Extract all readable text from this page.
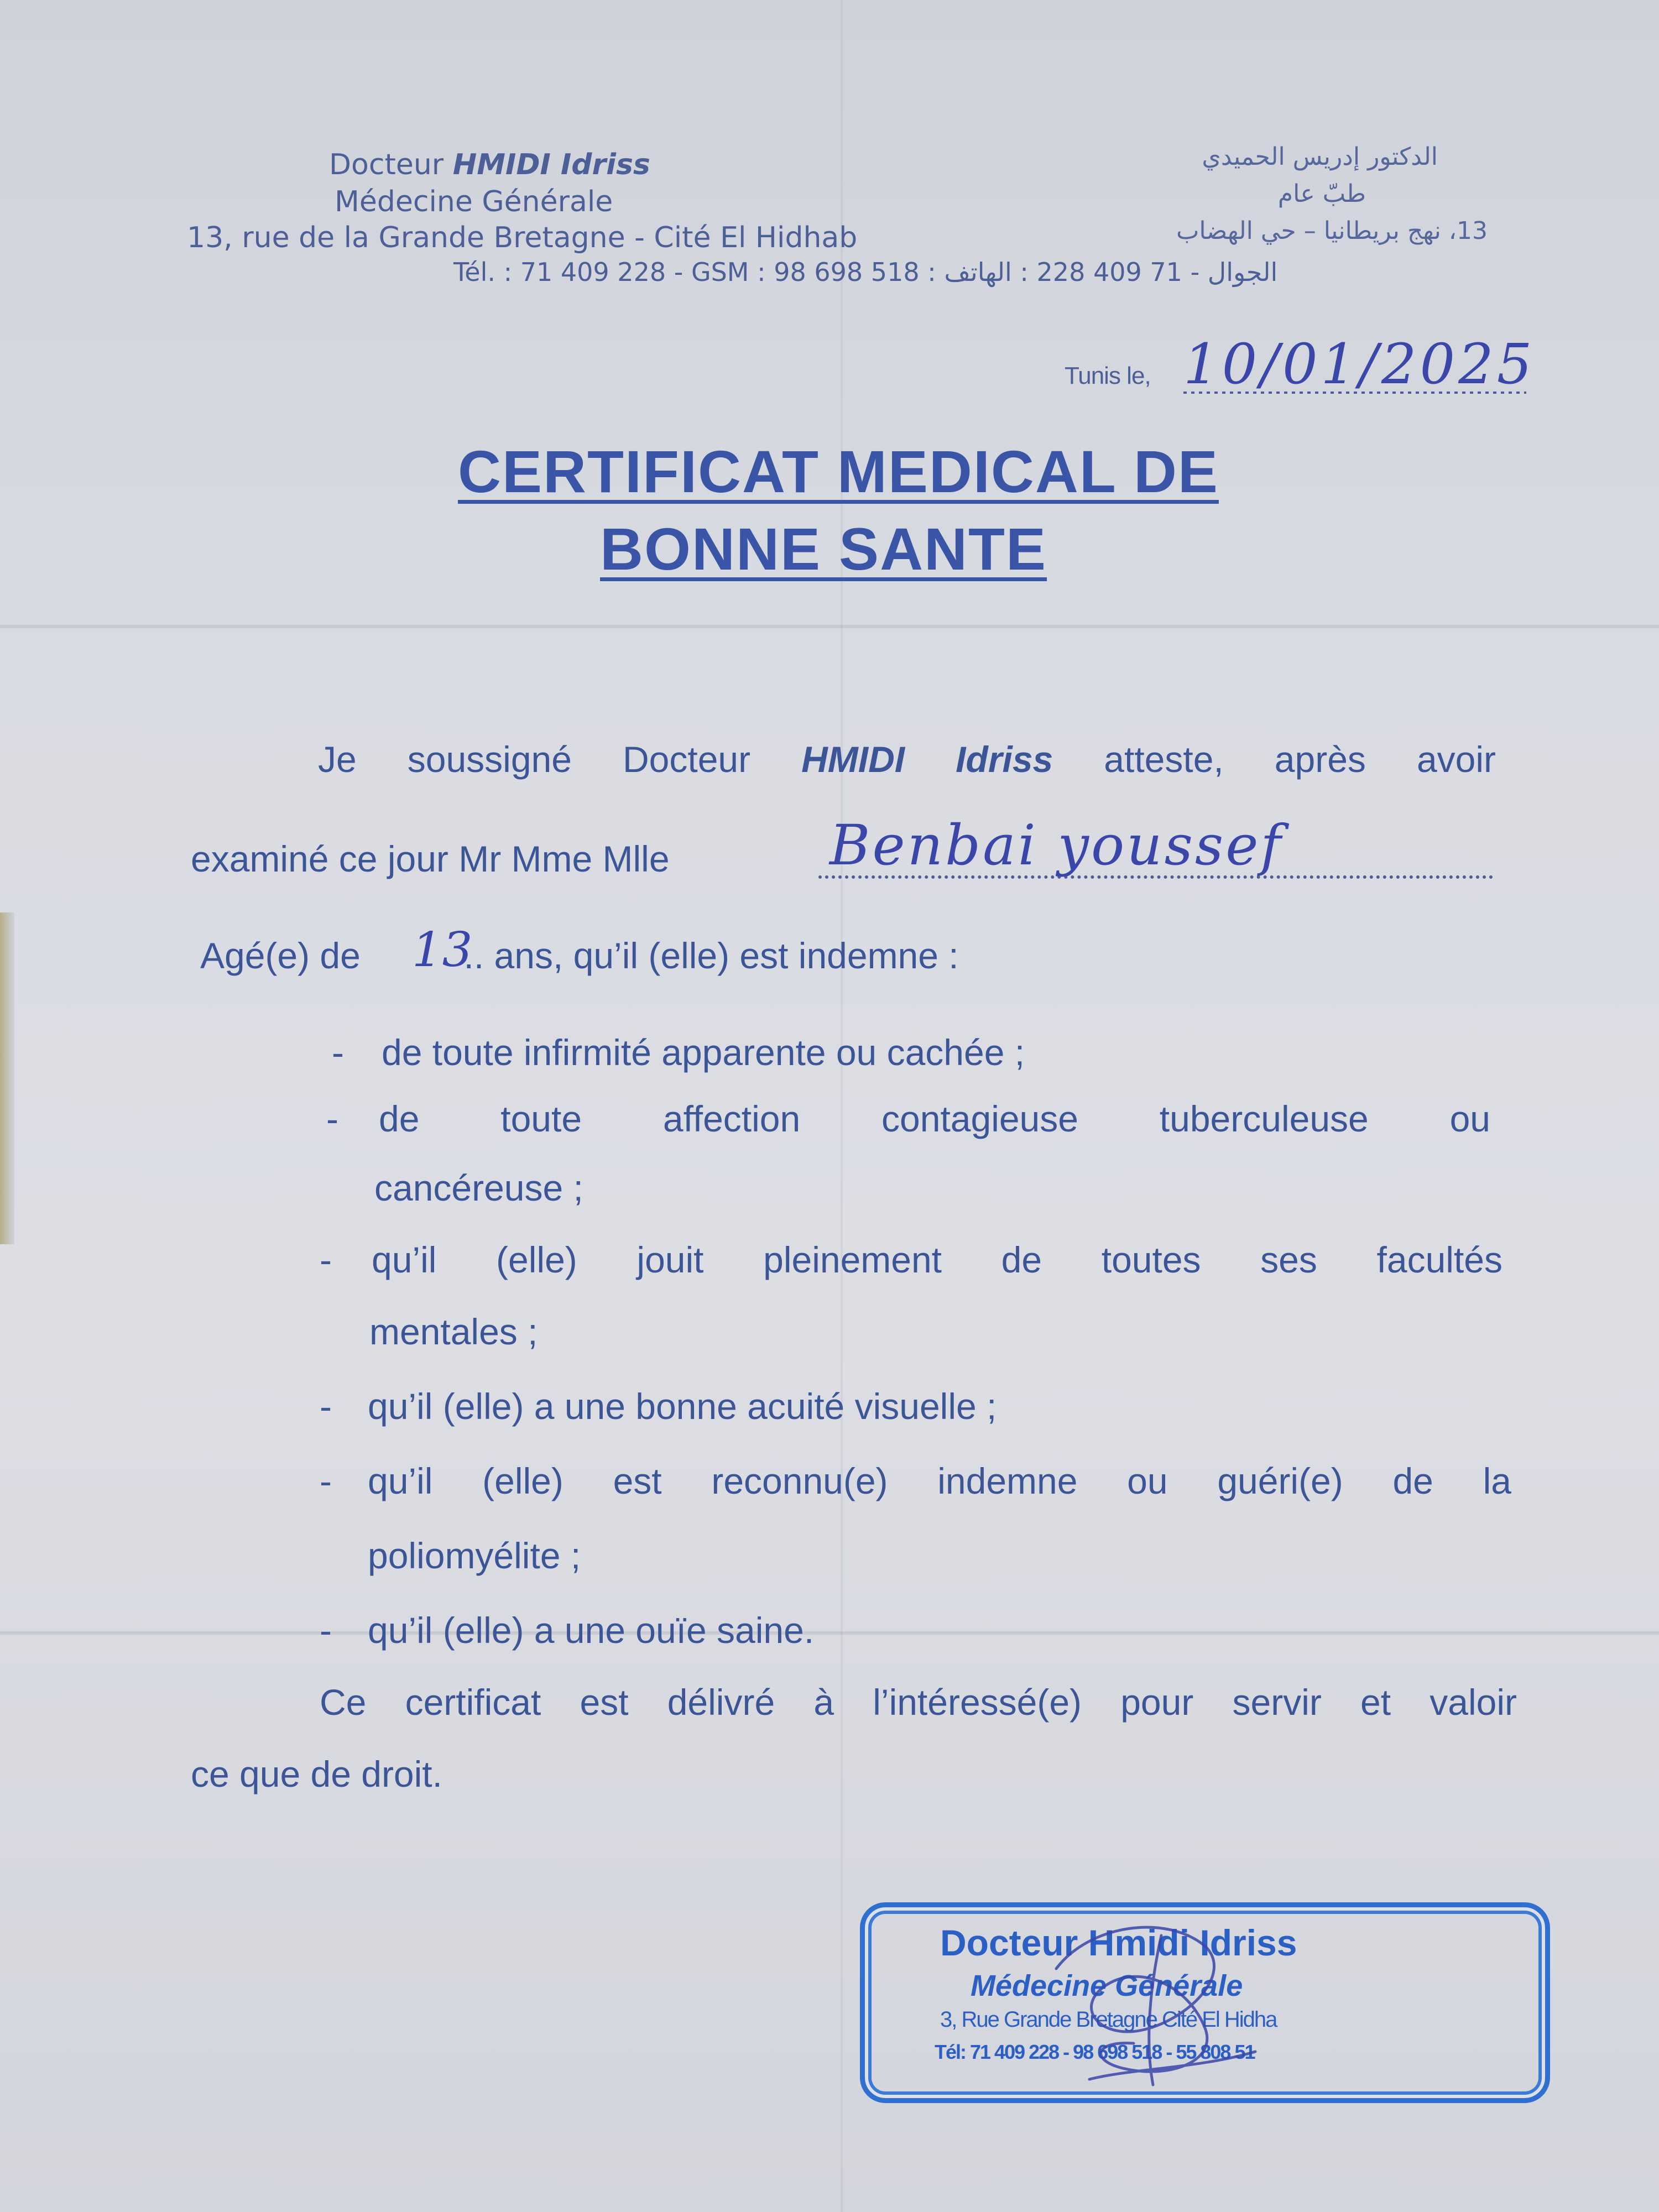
Docteur HMIDI Idriss
Médecine Générale
13, rue de la Grande Bretagne - Cité El Hidhab
Tél. : 71 409 228 - GSM : 98 698 518 : الجوال - 71 409 228 : الهاتف
الدكتور إدريس الحميدي
طبّ عام
13، نهج بريطانيا – حي الهضاب
Tunis le, 10/01/2025
CERTIFICAT MEDICAL DE
BONNE SANTE
Je soussigné Docteur HMIDI Idriss atteste, après avoir
examiné ce jour Mr Mme Mlle	Benbai youssef
Agé(e) de	.. ans, qu’il (elle) est indemne :
13
- de toute infirmité apparente ou cachée ;
- de toute affection contagieuse tuberculeuse ou
cancéreuse ;
- qu’il (elle) jouit pleinement de toutes ses facultés
mentales ;
- qu’il (elle) a une bonne acuité visuelle ;
- qu’il (elle) est reconnu(e) indemne ou guéri(e) de la
poliomyélite ;
- qu’il (elle) a une ouïe saine.
Ce certificat est délivré à l’intéressé(e) pour servir et valoir
ce que de droit.
Docteur Hmidi Idriss
Médecine Générale
3, Rue Grande Bretagne Cité El Hidha
Tél: 71 409 228 - 98 698 518 - 55 808 51
